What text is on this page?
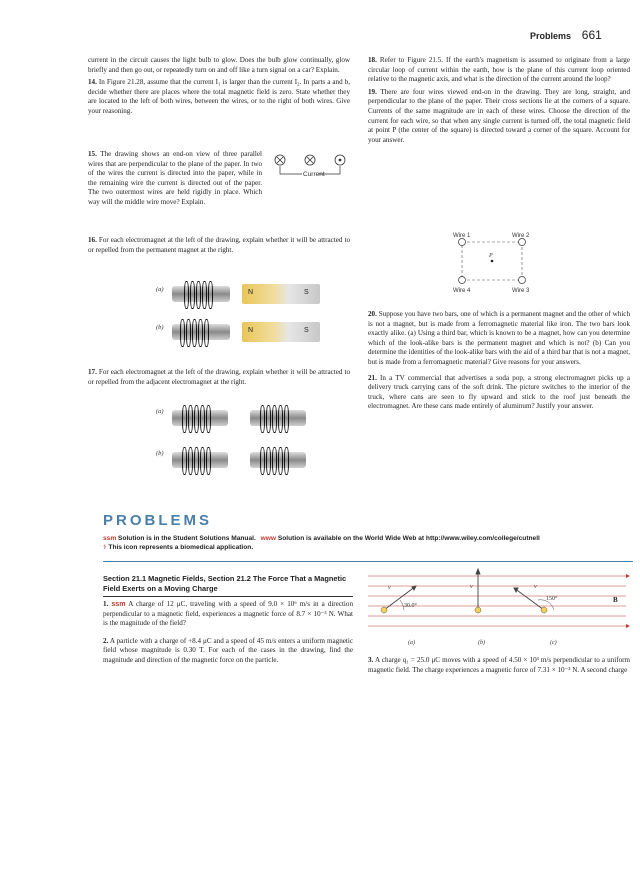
Problems 661

current in the circuit causes the light bulb to glow. Does the bulb glow continually, glow briefly and then go out, or repeatedly turn on and off like a turn signal on a car? Explain.

14. In Figure 21.28, assume that the current I₁ is larger than the current I₂. In parts a and b, decide whether there are places where the total magnetic field is zero. State whether they are located to the left of both wires, between the wires, or to the right of both wires. Give your reasoning.

15. The drawing shows an end-on view of three parallel wires that are perpendicular to the plane of the paper. In two of the wires the current is directed into the paper, while in the remaining wire the current is directed out of the paper. The two outermost wires are held rigidly in place. Which way will the middle wire move? Explain.
Current
16. For each electromagnet at the left of the drawing, explain whether it will be attracted to or repelled from the permanent magnet at the right.
(a)	N	S
(b)	N	S
17. For each electromagnet at the left of the drawing, explain whether it will be attracted to or repelled from the adjacent electromagnet at the right.
(a)
(b)

18. Refer to Figure 21.5. If the earth's magnetism is assumed to originate from a large circular loop of current within the earth, how is the plane of this current loop oriented relative to the magnetic axis, and what is the direction of the current around the loop?

19. There are four wires viewed end-on in the drawing. They are long, straight, and perpendicular to the plane of the paper. Their cross sections lie at the corners of a square. Currents of the same magnitude are in each of these wires. Choose the direction of the current for each wire, so that when any single current is turned off, the total magnetic field at point P (the center of the square) is directed toward a corner of the square. Account for your answer.

Wire 1	Wire 2
P
Wire 4	Wire 3

20. Suppose you have two bars, one of which is a permanent magnet and the other of which is not a magnet, but is made from a ferromagnetic material like iron. The two bars look exactly alike. (a) Using a third bar, which is known to be a magnet, how can you determine which of the look-alike bars is the permanent magnet and which is not? (b) Can you determine the identities of the look-alike bars with the aid of a third bar that is not a magnet, but is made from a ferromagnetic material? Give reasons for your answers.

21. In a TV commercial that advertises a soda pop, a strong electromagnet picks up a delivery truck carrying cans of the soft drink. The picture switches to the interior of the truck, where cans are seen to fly upward and stick to the roof just beneath the electromagnet. Are these cans made entirely of aluminum? Justify your answer.

PROBLEMS
ssm Solution is in the Student Solutions Manual. www Solution is available on the World Wide Web at http://www.wiley.com/college/cutnell
⚕ This icon represents a biomedical application.
Section 21.1 Magnetic Fields, Section 21.2 The Force That a Magnetic Field Exerts on a Moving Charge

1. ssm A charge of 12 μC, traveling with a speed of 9.0 × 10⁶ m/s in a direction perpendicular to a magnetic field, experiences a magnetic force of 8.7 × 10⁻³ N. What is the magnitude of the field?

2. A particle with a charge of +8.4 μC and a speed of 45 m/s enters a uniform magnetic field whose magnitude is 0.30 T. For each of the cases in the drawing, find the magnitude and direction of the magnetic force on the particle.

B
v
30.0°
v	v
150°
(a)	(b)	(c)
3. A charge q₁ = 25.0 μC moves with a speed of 4.50 × 10³ m/s perpendicular to a uniform magnetic field. The charge experiences a magnetic force of 7.31 × 10⁻³ N. A second charge
